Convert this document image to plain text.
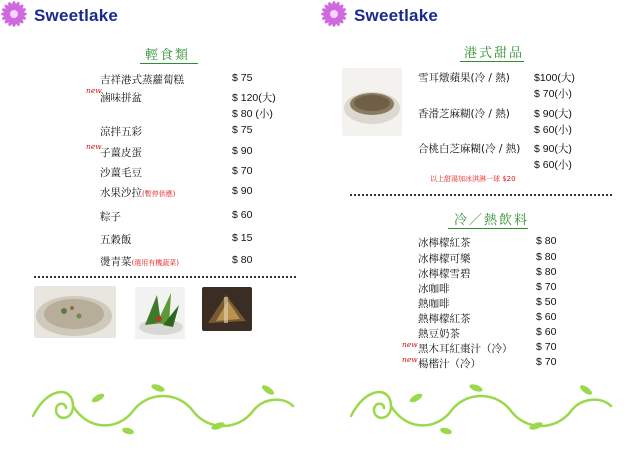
Sweetlake
輕食類
吉祥港式蒸蘿蔔糕	$ 75
new
滷味拼盆	$ 120(大)
$ 80 (小)
涼拌五彩	$ 75
new
子薑皮蛋	$ 90
沙薑毛豆	$ 70
水果沙拉(暫停供應)	$ 90
粽子	$ 60
五穀飯	$ 15
燙青菜(選用有機蔬菜)	$ 80
Sweetlake
港式甜品
雪耳燉蘋果(冷 / 熱) $100(大)
$ 70(小)
香滑芝麻糊(冷 / 熱) $ 90(大)
$ 60(小)
合桃白芝麻糊(冷 / 熱) $ 90(大)
$ 60(小)
以上甜湯加冰淇淋一球 $20
冷／熱飲料
冰檸檬紅茶	$ 80
冰檸檬可樂	$ 80
冰檸檬雪碧	$ 80
冰咖啡	$ 70
熱咖啡	$ 50
熱檸檬紅茶	$ 60
熱豆奶茶	$ 60
new 黑木耳紅棗汁（冷） $ 70
new 楊楷汁（冷）	$ 70
